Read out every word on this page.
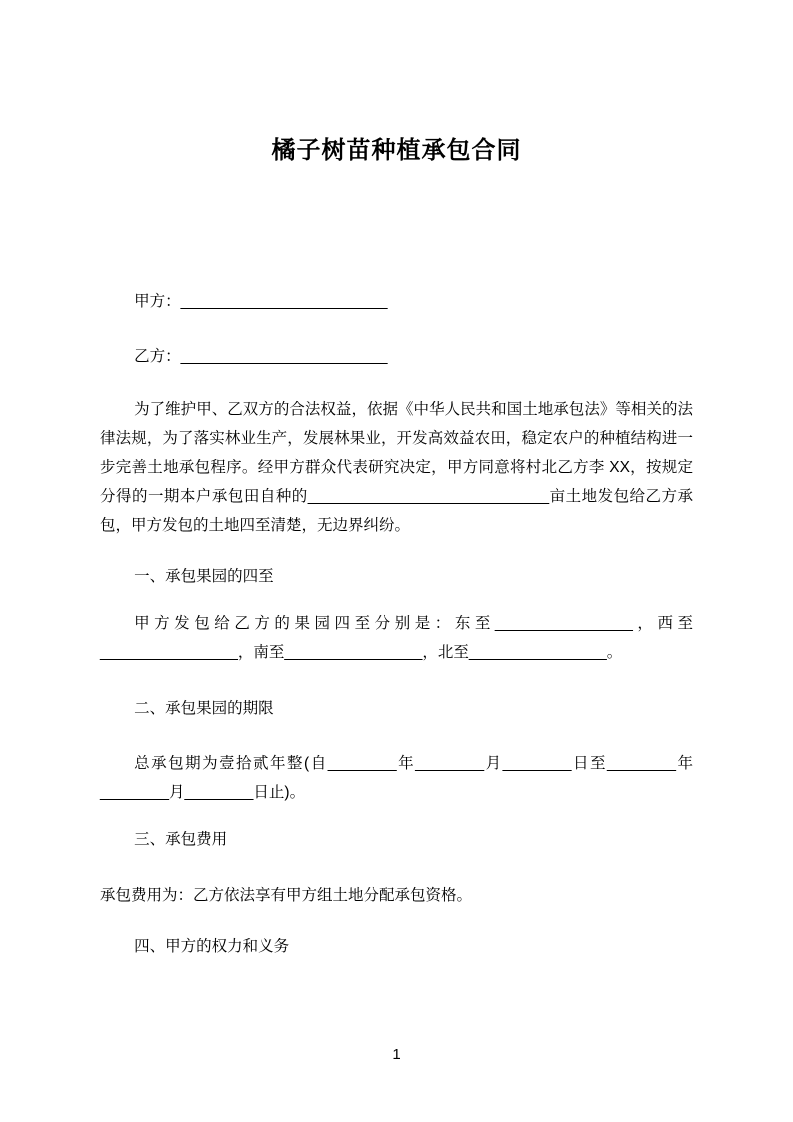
橘子树苗种植承包合同

甲方：________________________

乙方：________________________

为了维护甲、乙双方的合法权益，依据《中华人民共和国土地承包法》等相关的法律法规，为了落实林业生产，发展林果业，开发高效益农田，稳定农户的种植结构进一步完善土地承包程序。经甲方群众代表研究决定，甲方同意将村北乙方李 XX，按规定分得的一期本户承包田自种的____________________________亩土地发包给乙方承包，甲方发包的土地四至清楚，无边界纠纷。

一、承包果园的四至

甲方发包给乙方的果园四至分别是：东至________________，西至________________，南至________________，北至________________。

二、承包果园的期限

总承包期为壹拾贰年整(自________年________月________日至________年________月________日止)。

三、承包费用

承包费用为：乙方依法享有甲方组土地分配承包资格。

四、甲方的权力和义务

1
